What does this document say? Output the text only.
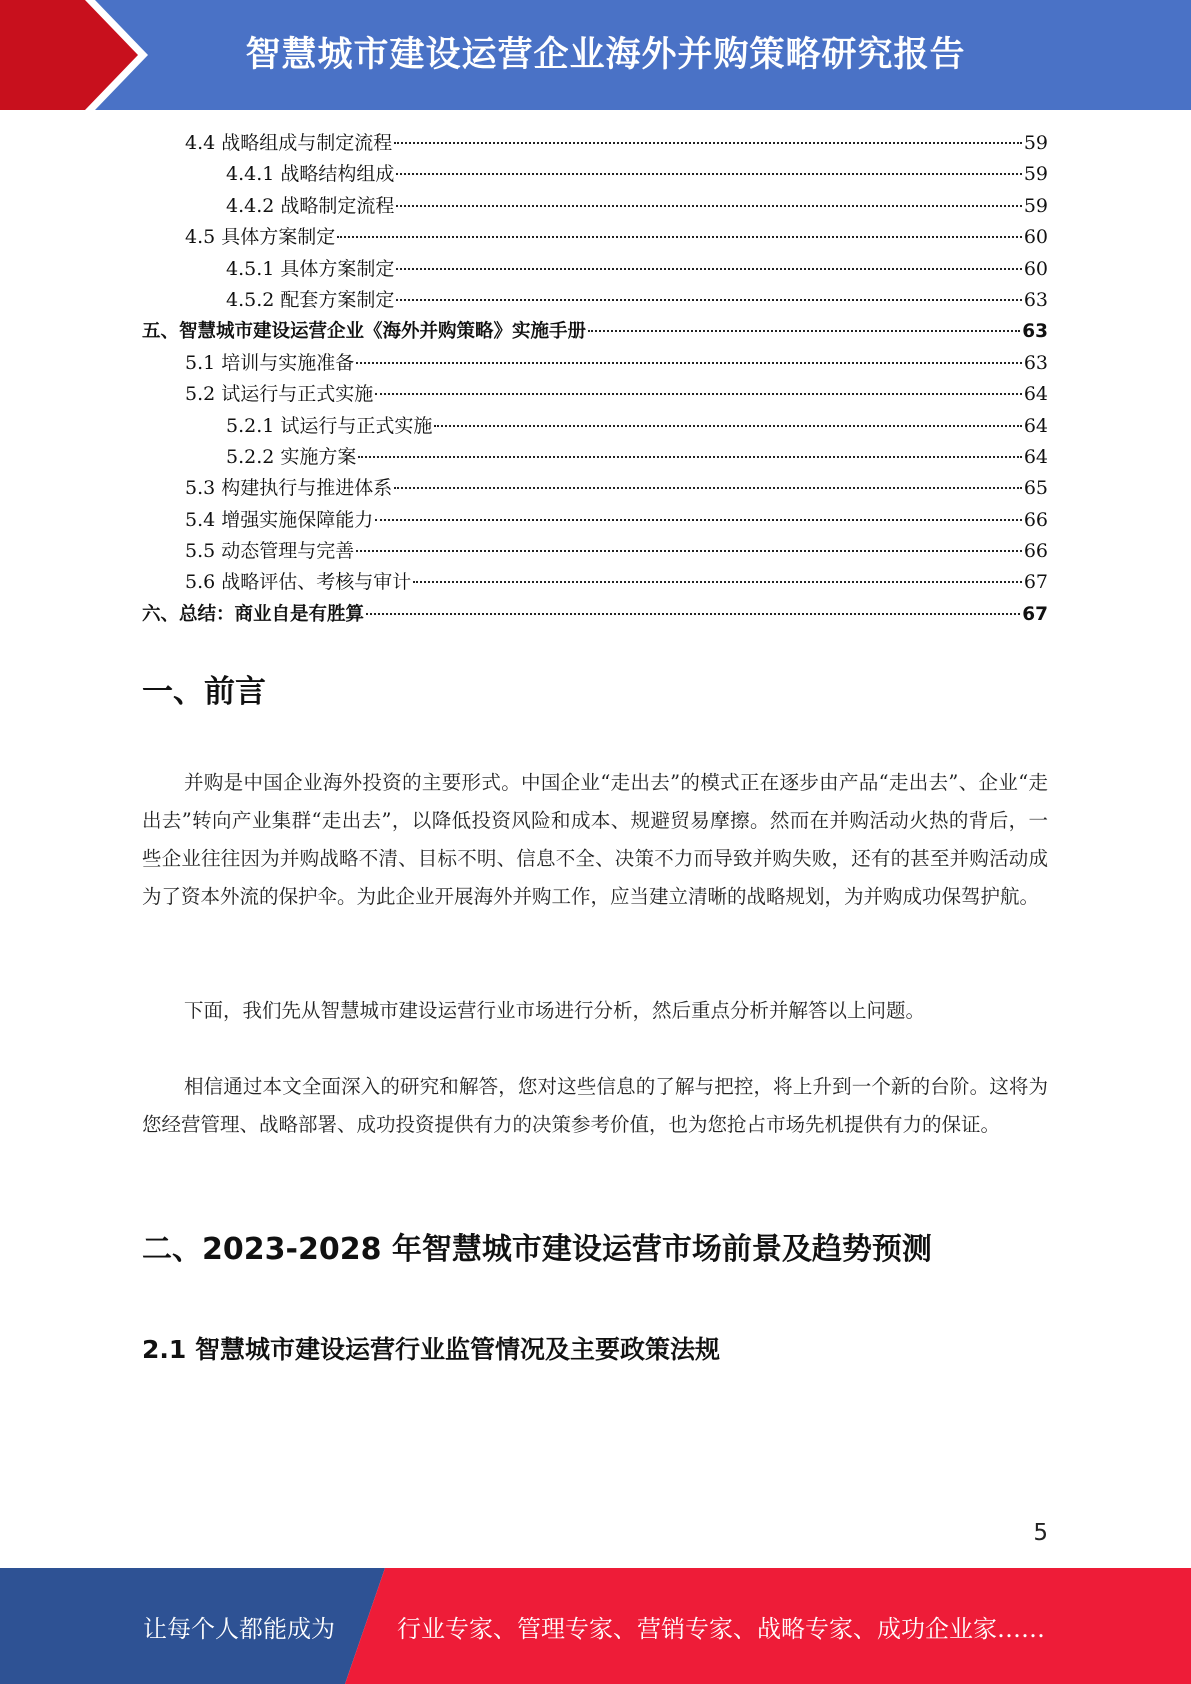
智慧城市建设运营企业海外并购策略研究报告
4.4 战略组成与制定流程	59
4.4.1 战略结构组成	59
4.4.2 战略制定流程	59
4.5 具体方案制定	60
4.5.1 具体方案制定	60
4.5.2 配套方案制定	63
五、智慧城市建设运营企业《海外并购策略》实施手册	63
5.1 培训与实施准备	63
5.2 试运行与正式实施	64
5.2.1 试运行与正式实施	64
5.2.2 实施方案	64
5.3 构建执行与推进体系	65
5.4 增强实施保障能力	66
5.5 动态管理与完善	66
5.6 战略评估、考核与审计	67
六、总结：商业自是有胜算	67
一、前言

并购是中国企业海外投资的主要形式。中国企业“走出去”的模式正在逐步由产品“走出去”、企业“走出去”转向产业集群“走出去”，以降低投资风险和成本、规避贸易摩擦。然而在并购活动火热的背后，一些企业往往因为并购战略不清、目标不明、信息不全、决策不力而导致并购失败，还有的甚至并购活动成为了资本外流的保护伞。为此企业开展海外并购工作，应当建立清晰的战略规划，为并购成功保驾护航。

下面，我们先从智慧城市建设运营行业市场进行分析，然后重点分析并解答以上问题。

相信通过本文全面深入的研究和解答，您对这些信息的了解与把控，将上升到一个新的台阶。这将为您经营管理、战略部署、成功投资提供有力的决策参考价值，也为您抢占市场先机提供有力的保证。

二、2023-2028 年智慧城市建设运营市场前景及趋势预测
2.1 智慧城市建设运营行业监管情况及主要政策法规
5
让每个人都能成为	行业专家、管理专家、营销专家、战略专家、成功企业家……
